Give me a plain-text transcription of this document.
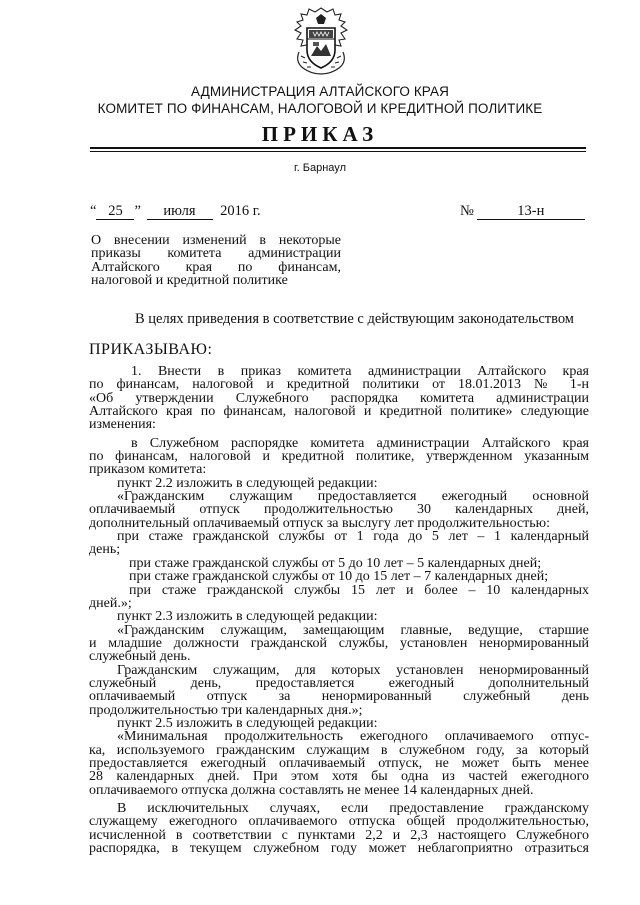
АДМИНИСТРАЦИЯ АЛТАЙСКОГО КРАЯ
КОМИТЕТ ПО ФИНАНСАМ, НАЛОГОВОЙ И КРЕДИТНОЙ ПОЛИТИКЕ
ПРИКАЗ
г. Барнаул
“ 25 ” июля 2016 г.	№	13-н
О внесении изменений в некоторые
приказы комитета администрации
Алтайского края по финансам,
налоговой и кредитной политике
В целях приведения в соответствие с действующим законодательством
ПРИКАЗЫВАЮ:
1. Внести в приказ комитета администрации Алтайского края
по финансам, налоговой и кредитной политики от 18.01.2013 № 1-н
«Об утверждении Служебного распорядка комитета администрации
Алтайского края по финансам, налоговой и кредитной политике» следующие
изменения:
в Служебном распорядке комитета администрации Алтайского края
по финансам, налоговой и кредитной политике, утвержденном указанным
приказом комитета:
пункт 2.2 изложить в следующей редакции:
«Гражданским служащим предоставляется ежегодный основной
оплачиваемый отпуск продолжительностью 30 календарных дней,
дополнительный оплачиваемый отпуск за выслугу лет продолжительностью:
при стаже гражданской службы от 1 года до 5 лет – 1 календарный
день;
при стаже гражданской службы от 5 до 10 лет – 5 календарных дней;
при стаже гражданской службы от 10 до 15 лет – 7 календарных дней;
при стаже гражданской службы 15 лет и более – 10 календарных
дней.»;
пункт 2.3 изложить в следующей редакции:
«Гражданским служащим, замещающим главные, ведущие, старшие
и младшие должности гражданской службы, установлен ненормированный
служебный день.
Гражданским служащим, для которых установлен ненормированный
служебный день, предоставляется ежегодный дополнительный
оплачиваемый отпуск за ненормированный служебный день
продолжительностью три календарных дня.»;
пункт 2.5 изложить в следующей редакции:
«Минимальная продолжительность ежегодного оплачиваемого отпус-
ка, используемого гражданским служащим в служебном году, за который
предоставляется ежегодный оплачиваемый отпуск, не может быть менее
28 календарных дней. При этом хотя бы одна из частей ежегодного
оплачиваемого отпуска должна составлять не менее 14 календарных дней.
В исключительных случаях, если предоставление гражданскому
служащему ежегодного оплачиваемого отпуска общей продолжительностью,
исчисленной в соответствии с пунктами 2,2 и 2,3 настоящего Служебного
распорядка, в текущем служебном году может неблагоприятно отразиться
